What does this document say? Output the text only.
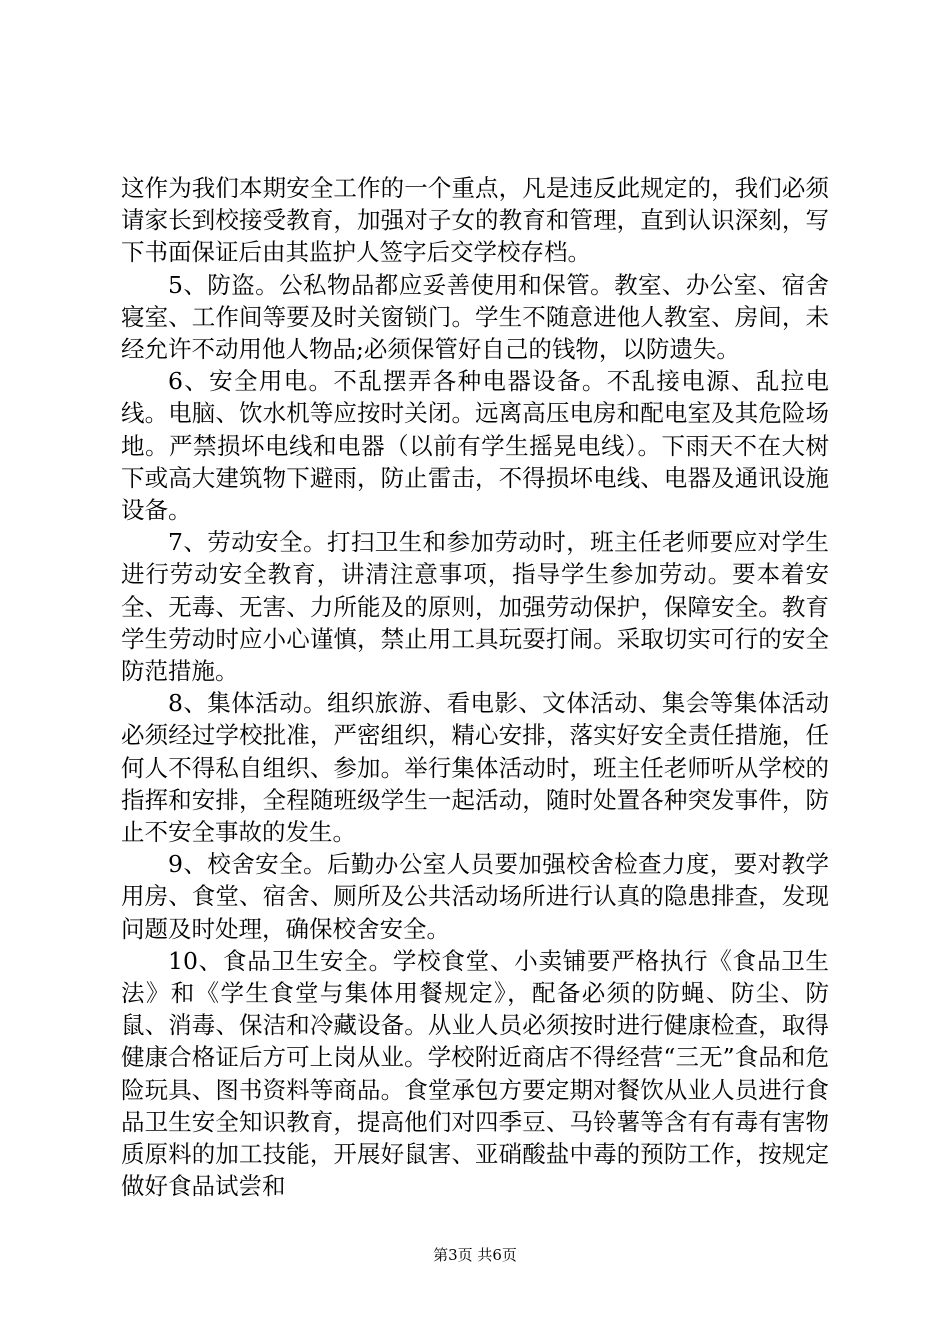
这作为我们本期安全工作的一个重点，凡是违反此规定的，我们必须请家长到校接受教育，加强对子女的教育和管理，直到认识深刻，写下书面保证后由其监护人签字后交学校存档。

5、防盗。公私物品都应妥善使用和保管。教室、办公室、宿舍寝室、工作间等要及时关窗锁门。学生不随意进他人教室、房间，未经允许不动用他人物品;必须保管好自己的钱物，以防遗失。

6、安全用电。不乱摆弄各种电器设备。不乱接电源、乱拉电线。电脑、饮水机等应按时关闭。远离高压电房和配电室及其危险场地。严禁损坏电线和电器（以前有学生摇晃电线）。下雨天不在大树下或高大建筑物下避雨，防止雷击，不得损坏电线、电器及通讯设施设备。

7、劳动安全。打扫卫生和参加劳动时，班主任老师要应对学生进行劳动安全教育，讲清注意事项，指导学生参加劳动。要本着安全、无毒、无害、力所能及的原则，加强劳动保护，保障安全。教育学生劳动时应小心谨慎，禁止用工具玩耍打闹。采取切实可行的安全防范措施。

8、集体活动。组织旅游、看电影、文体活动、集会等集体活动必须经过学校批准，严密组织，精心安排，落实好安全责任措施，任何人不得私自组织、参加。举行集体活动时，班主任老师听从学校的指挥和安排，全程随班级学生一起活动，随时处置各种突发事件，防止不安全事故的发生。

9、校舍安全。后勤办公室人员要加强校舍检查力度，要对教学用房、食堂、宿舍、厕所及公共活动场所进行认真的隐患排查，发现问题及时处理，确保校舍安全。

10、食品卫生安全。学校食堂、小卖铺要严格执行《食品卫生法》和《学生食堂与集体用餐规定》，配备必须的防蝇、防尘、防鼠、消毒、保洁和冷藏设备。从业人员必须按时进行健康检查，取得健康合格证后方可上岗从业。学校附近商店不得经营“三无”食品和危险玩具、图书资料等商品。食堂承包方要定期对餐饮从业人员进行食品卫生安全知识教育，提高他们对四季豆、马铃薯等含有有毒有害物质原料的加工技能，开展好鼠害、亚硝酸盐中毒的预防工作，按规定做好食品试尝和

第3页 共6页
